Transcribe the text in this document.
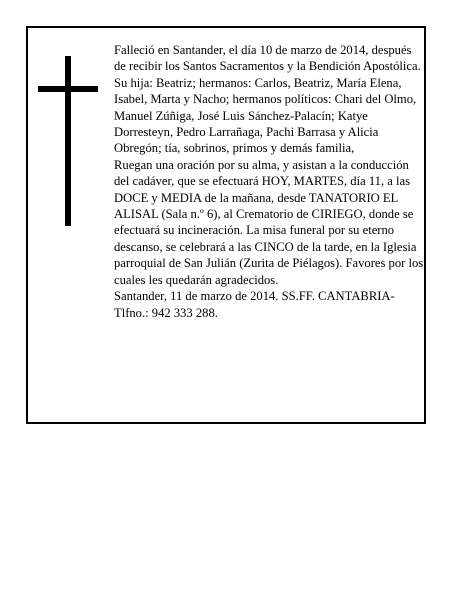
Falleció en Santander, el día 10 de marzo de 2014, después de recibir los Santos Sacramentos y la Bendición Apostólica.

Su hija: Beatriz; hermanos: Carlos, Beatriz, María Elena, Isabel, Marta y Nacho; hermanos políticos: Chari del Olmo, Manuel Zúñiga, José Luis Sánchez-Palacín; Katye Dorresteyn, Pedro Larrañaga, Pachi Barrasa y Alicia Obregón; tía, sobrinos, primos y demás familia,

Ruegan una oración por su alma, y asistan a la conducción del cadáver, que se efectuará HOY, MARTES, día 11, a las DOCE y MEDIA de la mañana, desde TANATORIO EL ALISAL (Sala n.º 6), al Crematorio de CIRIEGO, donde se efectuará su incineración. La misa funeral por su eterno descanso, se celebrará a las CINCO de la tarde, en la Iglesia parroquial de San Julián (Zurita de Piélagos). Favores por los cuales les quedarán agradecidos.

Santander, 11 de marzo de 2014. SS.FF. CANTABRIA-Tlfno.: 942 333 288.
